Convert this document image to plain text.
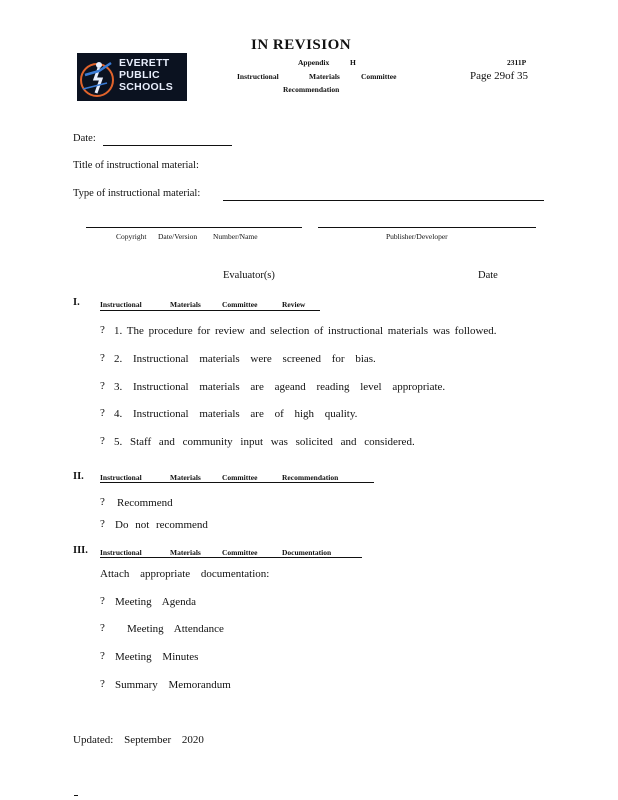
IN REVISION
EVERETT
PUBLIC
SCHOOLS
Appendix	H	2311P
Instructional	Materials	Committee
Recommendation
Page 29of 35
Date:
Title of instructional material:
Type of instructional material:
Copyright Date/Version Number/Name	Publisher/Developer
Evaluator(s)	Date
I.	Instructional	Materials	Committee	Review
? 1. The procedure for review and selection of instructional materials was followed.
? 2. Instructional materials were screened for bias.
? 3. Instructional materials are ageand reading level appropriate.
? 4. Instructional materials are of high quality.
? 5. Staff and community input was solicited and considered.
II. Instructional	Materials	Committee	Recommendation
? Recommend
? Do not recommend
III. Instructional	Materials	Committee	Documentation
Attach appropriate documentation:
? Meeting Agenda
? Meeting Attendance
? Meeting Minutes
? Summary Memorandum
Updated: September 2020
